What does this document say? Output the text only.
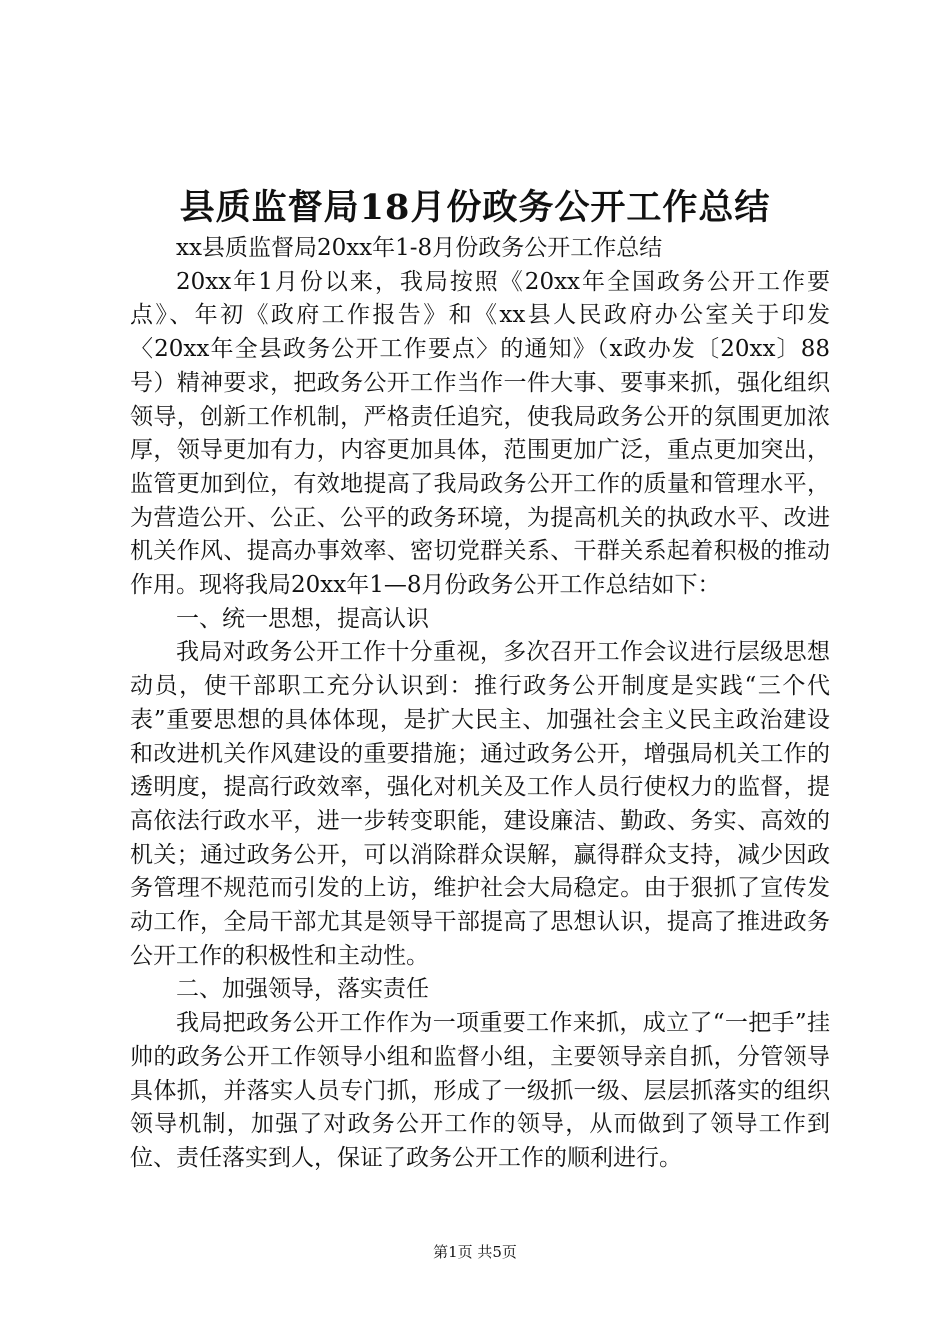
县质监督局18月份政务公开工作总结

xx县质监督局20xx年1-8月份政务公开工作总结

20xx年1月份以来，我局按照《20xx年全国政务公开工作要点》、年初《政府工作报告》和《xx县人民政府办公室关于印发〈20xx年全县政务公开工作要点〉的通知》（x政办发〔20xx〕88号）精神要求，把政务公开工作当作一件大事、要事来抓，强化组织领导，创新工作机制，严格责任追究，使我局政务公开的氛围更加浓厚，领导更加有力，内容更加具体，范围更加广泛，重点更加突出，监管更加到位，有效地提高了我局政务公开工作的质量和管理水平，为营造公开、公正、公平的政务环境，为提高机关的执政水平、改进机关作风、提高办事效率、密切党群关系、干群关系起着积极的推动作用。现将我局20xx年1—8月份政务公开工作总结如下：

一、统一思想，提高认识

我局对政务公开工作十分重视，多次召开工作会议进行层级思想动员，使干部职工充分认识到：推行政务公开制度是实践“三个代表”重要思想的具体体现，是扩大民主、加强社会主义民主政治建设和改进机关作风建设的重要措施；通过政务公开，增强局机关工作的透明度，提高行政效率，强化对机关及工作人员行使权力的监督，提高依法行政水平，进一步转变职能，建设廉洁、勤政、务实、高效的机关；通过政务公开，可以消除群众误解，赢得群众支持，减少因政务管理不规范而引发的上访，维护社会大局稳定。由于狠抓了宣传发动工作，全局干部尤其是领导干部提高了思想认识，提高了推进政务公开工作的积极性和主动性。

二、加强领导，落实责任

我局把政务公开工作作为一项重要工作来抓，成立了“一把手”挂帅的政务公开工作领导小组和监督小组，主要领导亲自抓，分管领导具体抓，并落实人员专门抓，形成了一级抓一级、层层抓落实的组织领导机制，加强了对政务公开工作的领导，从而做到了领导工作到位、责任落实到人，保证了政务公开工作的顺利进行。

第1页 共5页
